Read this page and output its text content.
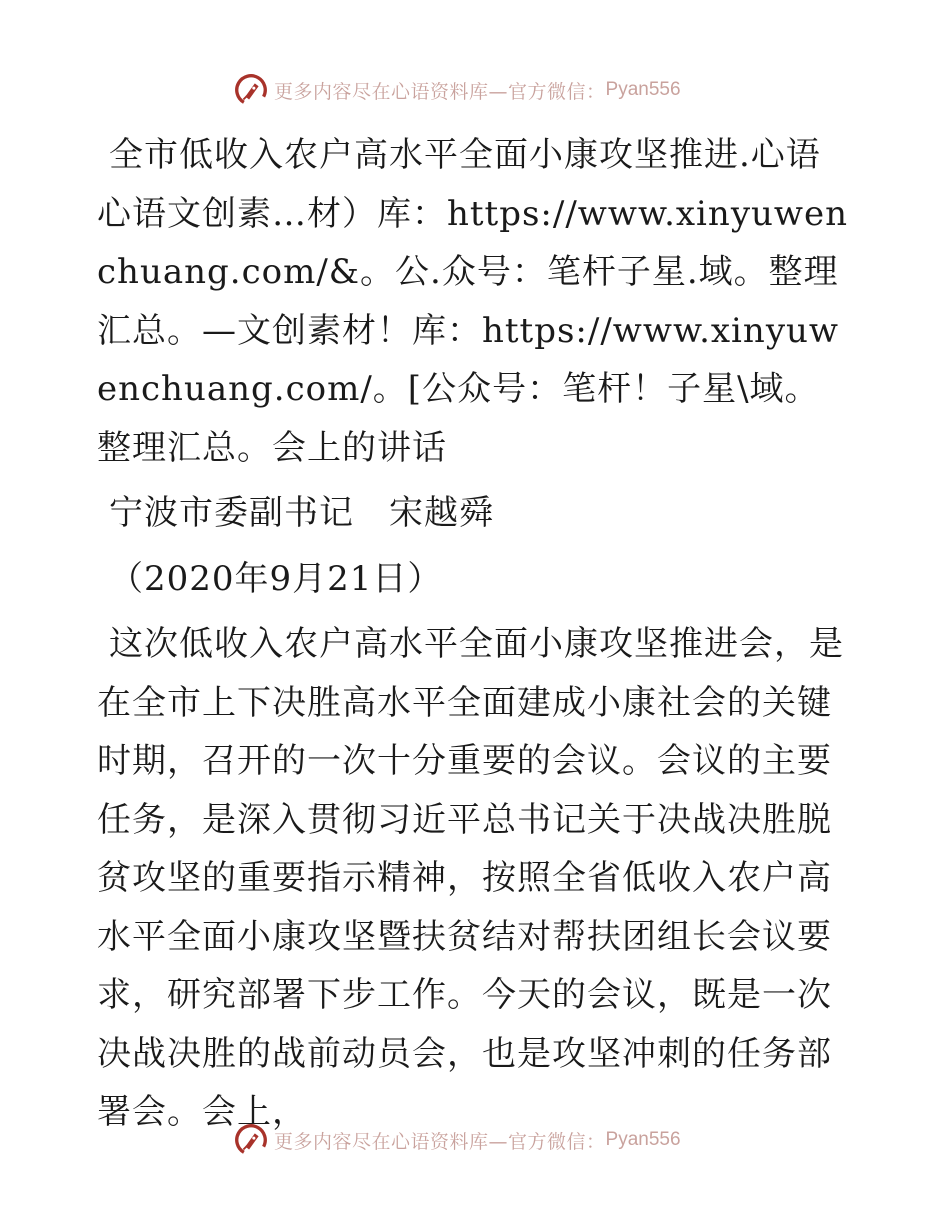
更多内容尽在心语资料库—官方微信： Pyan556

全市低收入农户高水平全面小康攻坚推进.心语心语文创素…材）库：https://www.xinyuwenchuang.com/&。公.众号：笔杆子星.域。整理汇总。—文创素材！库：https://www.xinyuwenchuang.com/。[公众号：笔杆！子星\域。整理汇总。会上的讲话

宁波市委副书记　宋越舜

（2020年9月21日）

这次低收入农户高水平全面小康攻坚推进会，是在全市上下决胜高水平全面建成小康社会的关键时期，召开的一次十分重要的会议。会议的主要任务，是深入贯彻习近平总书记关于决战决胜脱贫攻坚的重要指示精神，按照全省低收入农户高水平全面小康攻坚暨扶贫结对帮扶团组长会议要求，研究部署下步工作。今天的会议，既是一次决战决胜的战前动员会，也是攻坚冲刺的任务部署会。会上，

更多内容尽在心语资料库—官方微信： Pyan556
